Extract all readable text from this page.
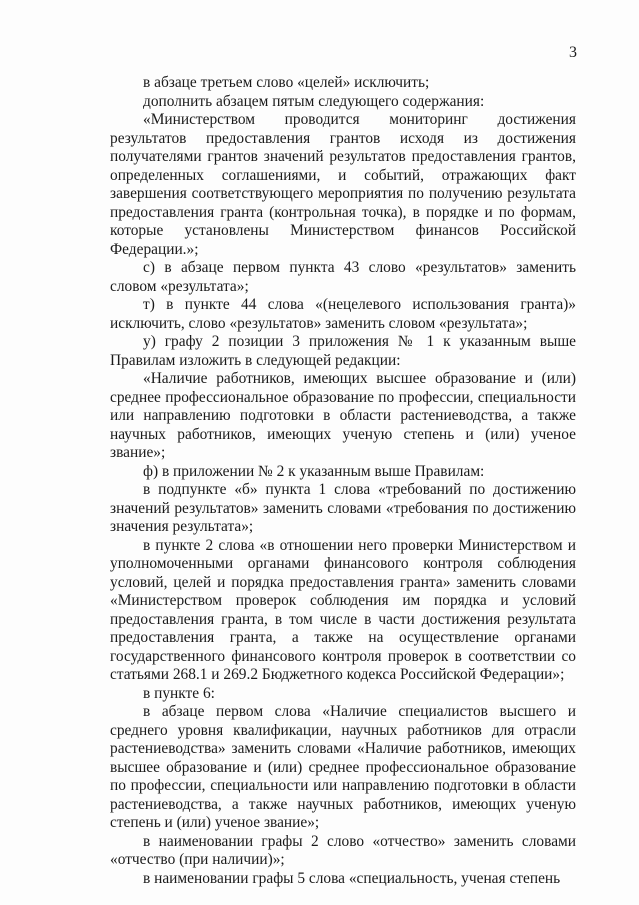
3

в абзаце третьем слово «целей» исключить;

дополнить абзацем пятым следующего содержания:

«Министерством проводится мониторинг достижения результатов предоставления грантов исходя из достижения получателями грантов значений результатов предоставления грантов, определенных соглашениями, и событий, отражающих факт завершения соответствующего мероприятия по получению результата предоставления гранта (контрольная точка), в порядке и по формам, которые установлены Министерством финансов Российской Федерации.»;

с) в абзаце первом пункта 43 слово «результатов» заменить словом «результата»;

т) в пункте 44 слова «(нецелевого использования гранта)» исключить, слово «результатов» заменить словом «результата»;

у) графу 2 позиции 3 приложения № 1 к указанным выше Правилам изложить в следующей редакции:

«Наличие работников, имеющих высшее образование и (или) среднее профессиональное образование по профессии, специальности или направлению подготовки в области растениеводства, а также научных работников, имеющих ученую степень и (или) ученое звание»;

ф) в приложении № 2 к указанным выше Правилам:

в подпункте «б» пункта 1 слова «требований по достижению значений результатов» заменить словами «требования по достижению значения результата»;

в пункте 2 слова «в отношении него проверки Министерством и уполномоченными органами финансового контроля соблюдения условий, целей и порядка предоставления гранта» заменить словами «Министерством проверок соблюдения им порядка и условий предоставления гранта, в том числе в части достижения результата предоставления гранта, а также на осуществление органами государственного финансового контроля проверок в соответствии со статьями 268.1 и 269.2 Бюджетного кодекса Российской Федерации»;

в пункте 6:

в абзаце первом слова «Наличие специалистов высшего и среднего уровня квалификации, научных работников для отрасли растениеводства» заменить словами «Наличие работников, имеющих высшее образование и (или) среднее профессиональное образование по профессии, специальности или направлению подготовки в области растениеводства, а также научных работников, имеющих ученую степень и (или) ученое звание»;

в наименовании графы 2 слово «отчество» заменить словами «отчество (при наличии)»;

в наименовании графы 5 слова «специальность, ученая степень
